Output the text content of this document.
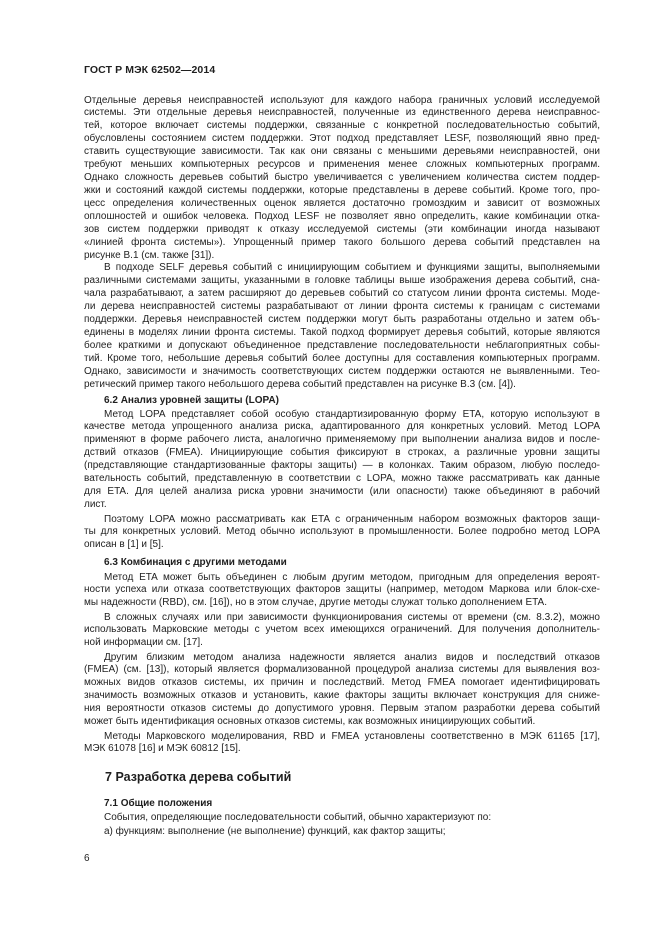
ГОСТ Р МЭК 62502—2014
Отдельные деревья неисправностей используют для каждого набора граничных условий исследуемой
системы. Эти отдельные деревья неисправностей, полученные из единственного дерева неисправнос-
тей, которое включает системы поддержки, связанные с конкретной последовательностью событий,
обусловлены состоянием систем поддержки. Этот подход представляет LESF, позволяющий явно пред-
ставить существующие зависимости. Так как они связаны с меньшими деревьями неисправностей, они
требуют меньших компьютерных ресурсов и применения менее сложных компьютерных программ.
Однако сложность деревьев событий быстро увеличивается с увеличением количества систем поддер-
жки и состояний каждой системы поддержки, которые представлены в дереве событий. Кроме того, про-
цесс определения количественных оценок является достаточно громоздким и зависит от возможных
оплошностей и ошибок человека. Подход LESF не позволяет явно определить, какие комбинации отка-
зов систем поддержки приводят к отказу исследуемой системы (эти комбинации иногда называют
«линией фронта системы»). Упрощенный пример такого большого дерева событий представлен на
рисунке В.1 (см. также [31]).
В подходе SELF деревья событий с инициирующим событием и функциями защиты, выполняемыми
различными системами защиты, указанными в головке таблицы выше изображения дерева событий, сна-
чала разрабатывают, а затем расширяют до деревьев событий со статусом линии фронта системы. Моде-
ли дерева неисправностей системы разрабатывают от линии фронта системы к границам с системами
поддержки. Деревья неисправностей систем поддержки могут быть разработаны отдельно и затем объ-
единены в моделях линии фронта системы. Такой подход формирует деревья событий, которые являются
более краткими и допускают объединенное представление последовательности неблагоприятных собы-
тий. Кроме того, небольшие деревья событий более доступны для составления компьютерных программ.
Однако, зависимости и значимость соответствующих систем поддержки остаются не выявленными. Тео-
ретический пример такого небольшого дерева событий представлен на рисунке В.3 (см. [4]).
6.2 Анализ уровней защиты (LOPA)
Метод LOPA представляет собой особую стандартизированную форму ETA, которую используют в
качестве метода упрощенного анализа риска, адаптированного для конкретных условий. Метод LOPA
применяют в форме рабочего листа, аналогично применяемому при выполнении анализа видов и после-
дствий отказов (FMEA). Инициирующие события фиксируют в строках, а различные уровни защиты
(представляющие стандартизованные факторы защиты) — в колонках. Таким образом, любую последо-
вательность событий, представленную в соответствии с LOPA, можно также рассматривать как данные
для ETA. Для целей анализа риска уровни значимости (или опасности) также объединяют в рабочий
лист.
Поэтому LOPA можно рассматривать как ETA с ограниченным набором возможных факторов защи-
ты для конкретных условий. Метод обычно используют в промышленности. Более подробно метод LOPA
описан в [1] и [5].
6.3 Комбинация с другими методами
Метод ETA может быть объединен с любым другим методом, пригодным для определения вероят-
ности успеха или отказа соответствующих факторов защиты (например, методом Маркова или блок-схе-
мы надежности (RBD), см. [16]), но в этом случае, другие методы служат только дополнением ETA.
В сложных случаях или при зависимости функционирования системы от времени (см. 8.3.2), можно
использовать Марковские методы с учетом всех имеющихся ограничений. Для получения дополнитель-
ной информации см. [17].
Другим близким методом анализа надежности является анализ видов и последствий отказов
(FMEA) (см. [13]), который является формализованной процедурой анализа системы для выявления воз-
можных видов отказов системы, их причин и последствий. Метод FMEA помогает идентифицировать
значимость возможных отказов и установить, какие факторы защиты включает конструкция для сниже-
ния вероятности отказов системы до допустимого уровня. Первым этапом разработки дерева событий
может быть идентификация основных отказов системы, как возможных инициирующих событий.
Методы Марковского моделирования, RBD и FMEA установлены соответственно в МЭК 61165 [17],
МЭК 61078 [16] и МЭК 60812 [15].
7 Разработка дерева событий
7.1 Общие положения
События, определяющие последовательности событий, обычно характеризуют по:
а) функциям: выполнение (не выполнение) функций, как фактор защиты;
6
